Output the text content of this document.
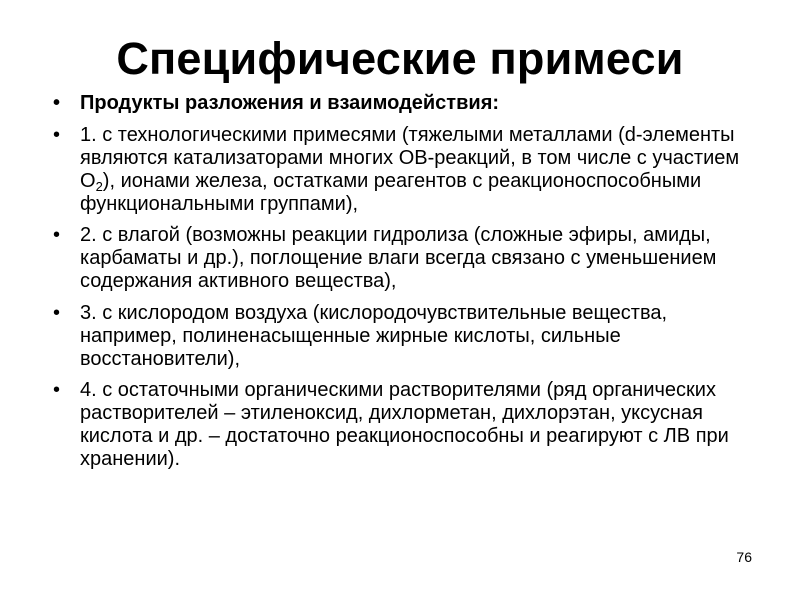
Специфические примеси
• Продукты разложения и взаимодействия:
• 1. с технологическими примесями (тяжелыми металлами (d-элементы являются катализаторами многих ОВ-реакций, в том числе с участием $О_2$), ионами железа, остатками реагентов с реакционоспособными функциональными группами),
• 2. с влагой (возможны реакции гидролиза (сложные эфиры, амиды, карбаматы и др.), поглощение влаги всегда связано с уменьшением содержания активного вещества),
• 3. с кислородом воздуха (кислородочувствительные вещества, например, полиненасыщенные жирные кислоты, сильные восстановители),
• 4. с остаточными органическими растворителями (ряд органических растворителей – этиленоксид, дихлорметан, дихлорэтан, уксусная кислота и др. – достаточно реакционоспособны и реагируют с ЛВ при хранении).
76
